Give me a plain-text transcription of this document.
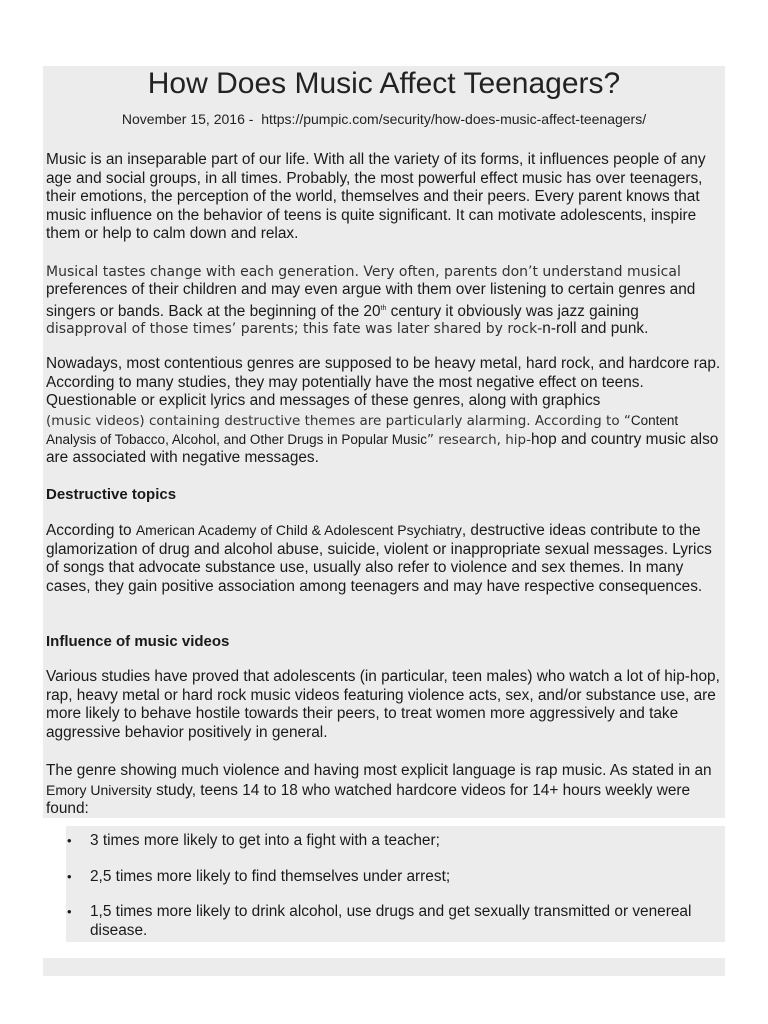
How Does Music Affect Teenagers?
November 15, 2016 -  https://pumpic.com/security/how-does-music-affect-teenagers/

Music is an inseparable part of our life. With all the variety of its forms, it influences people of any age and social groups, in all times. Probably, the most powerful effect music has over teenagers, their emotions, the perception of the world, themselves and their peers. Every parent knows that music influence on the behavior of teens is quite significant. It can motivate adolescents, inspire them or help to calm down and relax.

Musical tastes change with each generation. Very often, parents don’t understand musical

preferences of their children and may even argue with them over listening to certain genres and singers or bands. Back at the beginning of the 20th century it obviously was jazz gaining

disapproval of those times’ parents; this fate was later shared by rock-n-roll and punk.

Nowadays, most contentious genres are supposed to be heavy metal, hard rock, and hardcore rap. According to many studies, they may potentially have the most negative effect on teens. Questionable or explicit lyrics and messages of these genres, along with graphics

(music videos) containing destructive themes are particularly alarming. According to “Content Analysis of Tobacco, Alcohol, and Other Drugs in Popular Music” research, hip-hop and country music also are associated with negative messages.

Destructive topics

According to American Academy of Child & Adolescent Psychiatry, destructive ideas contribute to the glamorization of drug and alcohol abuse, suicide, violent or inappropriate sexual messages. Lyrics of songs that advocate substance use, usually also refer to violence and sex themes. In many cases, they gain positive association among teenagers and may have respective consequences.

Influence of music videos

Various studies have proved that adolescents (in particular, teen males) who watch a lot of hip-hop, rap, heavy metal or hard rock music videos featuring violence acts, sex, and/or substance use, are more likely to behave hostile towards their peers, to treat women more aggressively and take aggressive behavior positively in general.

The genre showing much violence and having most explicit language is rap music. As stated in an Emory University study, teens 14 to 18 who watched hardcore videos for 14+ hours weekly were found:

• 3 times more likely to get into a fight with a teacher;
• 2,5 times more likely to find themselves under arrest;
• 1,5 times more likely to drink alcohol, use drugs and get sexually transmitted or venereal disease.
